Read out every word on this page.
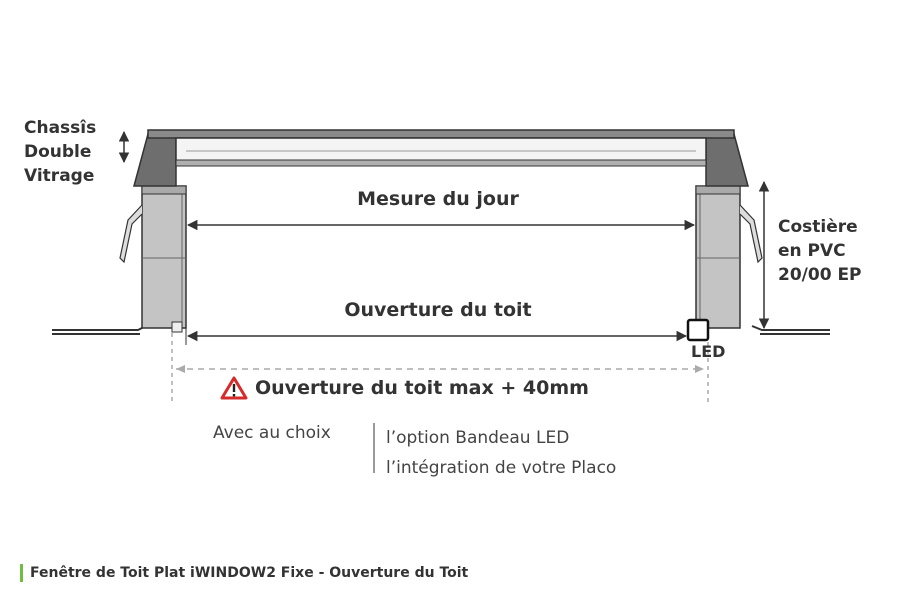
Chassîs
Double
Vitrage
Costière
en PVC
20/00 EP
Mesure du jour
Ouverture du toit
LED
Ouverture du toit max + 40mm
Avec au choix	l’option Bandeau LED
l’intégration de votre Placo
Fenêtre de Toit Plat iWINDOW2 Fixe - Ouverture du Toit
